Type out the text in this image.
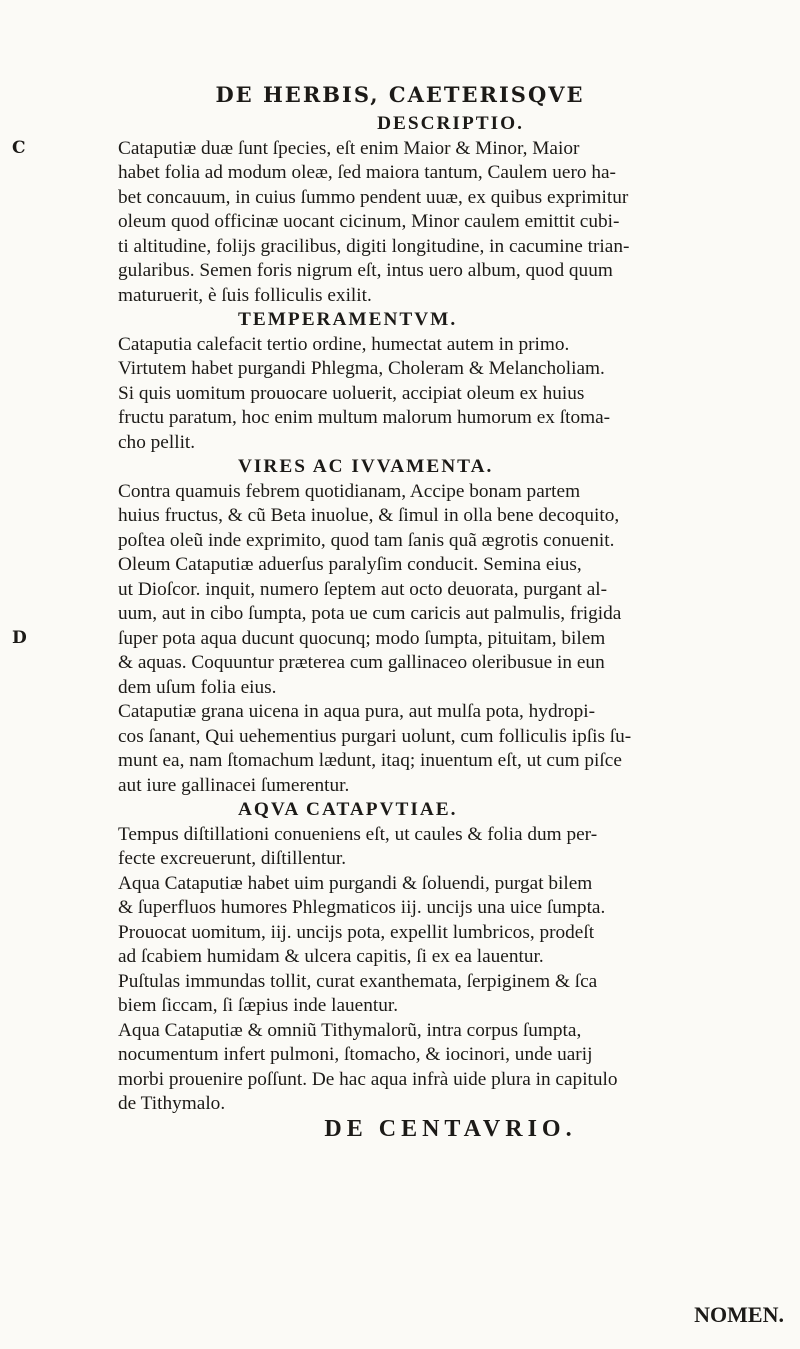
DE HERBIS, CAETERISQVE
C
D
DESCRIPTIO.
Cataputiæ duæ ſunt ſpecies, eſt enim Maior & Minor, Maior
habet folia ad modum oleæ, ſed maiora tantum, Caulem uero ha-
bet concauum, in cuius ſummo pendent uuæ, ex quibus exprimitur
oleum quod officinæ uocant cicinum, Minor caulem emittit cubi-
ti altitudine, folijs gracilibus, digiti longitudine, in cacumine trian-
gularibus. Semen foris nigrum eſt, intus uero album, quod quum
maturuerit, è ſuis folliculis exilit.
TEMPERAMENTVM.
Cataputia calefacit tertio ordine, humectat autem in primo.
Virtutem habet purgandi Phlegma, Choleram & Melancholiam.
Si quis uomitum prouocare uoluerit, accipiat oleum ex huius
fructu paratum, hoc enim multum malorum humorum ex ſtoma-
cho pellit.
VIRES AC IVVAMENTA.
Contra quamuis febrem quotidianam, Accipe bonam partem
huius fructus, & cũ Beta inuolue, & ſimul in olla bene decoquito,
poſtea oleũ inde exprimito, quod tam ſanis quã ægrotis conuenit.
Oleum Cataputiæ aduerſus paralyſim conducit. Semina eius,
ut Dioſcor. inquit, numero ſeptem aut octo deuorata, purgant al-
uum, aut in cibo ſumpta, pota ue cum caricis aut palmulis, frigida
ſuper pota aqua ducunt quocunq; modo ſumpta, pituitam, bilem
& aquas. Coquuntur præterea cum gallinaceo oleribusue in eun
dem uſum folia eius.
Cataputiæ grana uicena in aqua pura, aut mulſa pota, hydropi-
cos ſanant, Qui uehementius purgari uolunt, cum folliculis ipſis ſu-
munt ea, nam ſtomachum lædunt, itaq; inuentum eſt, ut cum piſce
aut iure gallinacei ſumerentur.
AQVA CATAPVTIAE.
Tempus diſtillationi conueniens eſt, ut caules & folia dum per-
fecte excreuerunt, diſtillentur.
Aqua Cataputiæ habet uim purgandi & ſoluendi, purgat bilem
& ſuperfluos humores Phlegmaticos iij. uncijs una uice ſumpta.
Prouocat uomitum, iij. uncijs pota, expellit lumbricos, prodeſt
ad ſcabiem humidam & ulcera capitis, ſi ex ea lauentur.
Puſtulas immundas tollit, curat exanthemata, ſerpiginem & ſca
biem ſiccam, ſi ſæpius inde lauentur.
Aqua Cataputiæ & omniũ Tithymalorũ, intra corpus ſumpta,
nocumentum infert pulmoni, ſtomacho, & iocinori, unde uarij
morbi prouenire poſſunt. De hac aqua infrà uide plura in capitulo
de Tithymalo.
DE CENTAVRIO.
NOMEN.
